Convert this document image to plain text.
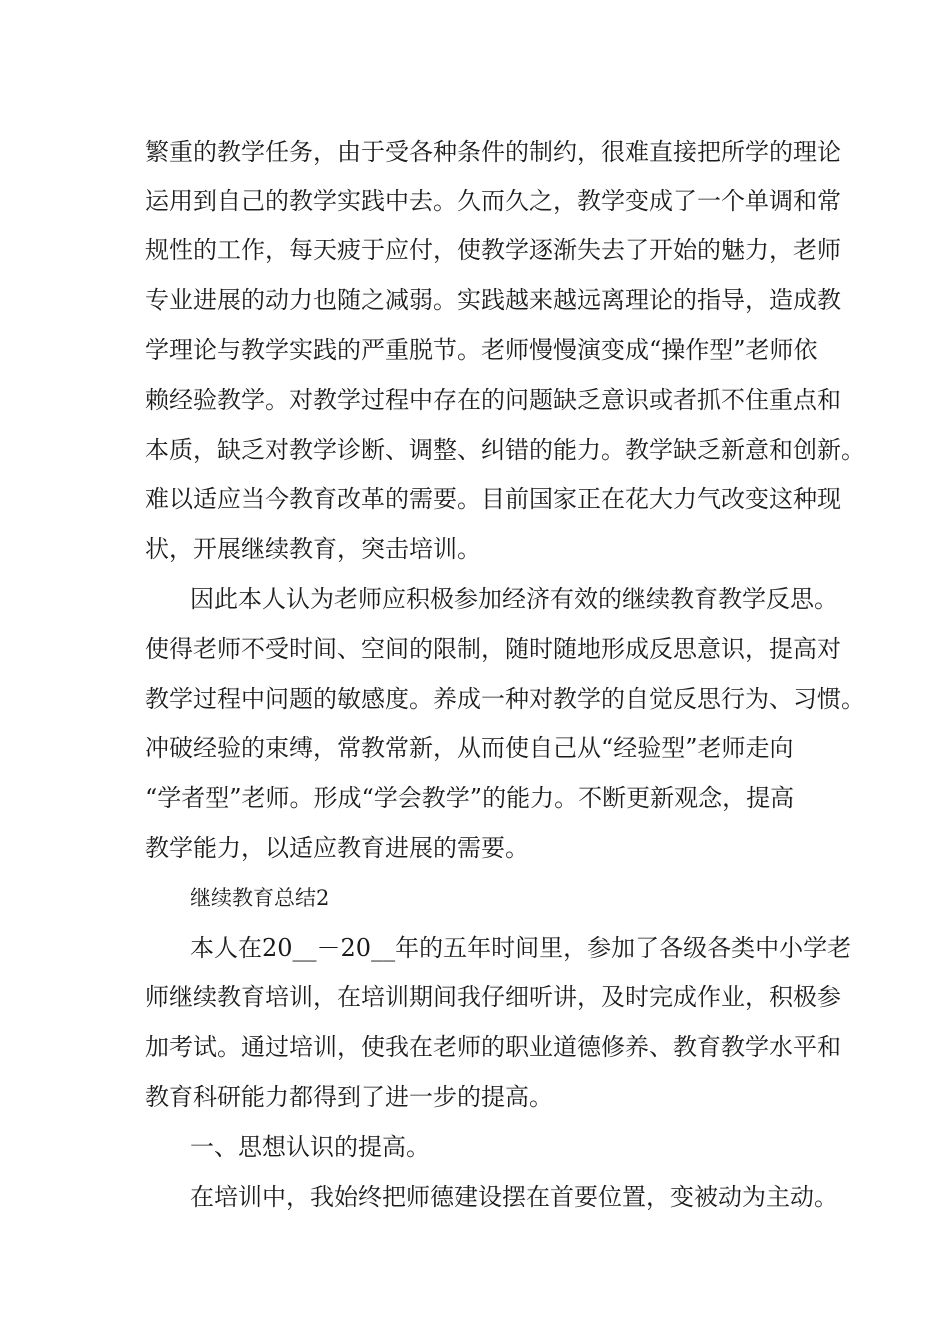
繁重的教学任务，由于受各种条件的制约，很难直接把所学的理论
运用到自己的教学实践中去。久而久之，教学变成了一个单调和常
规性的工作，每天疲于应付，使教学逐渐失去了开始的魅力，老师
专业进展的动力也随之减弱。实践越来越远离理论的指导，造成教
学理论与教学实践的严重脱节。老师慢慢演变成“操作型”老师依
赖经验教学。对教学过程中存在的问题缺乏意识或者抓不住重点和
本质，缺乏对教学诊断、调整、纠错的能力。教学缺乏新意和创新。
难以适应当今教育改革的需要。目前国家正在花大力气改变这种现
状，开展继续教育，突击培训。
因此本人认为老师应积极参加经济有效的继续教育教学反思。
使得老师不受时间、空间的限制，随时随地形成反思意识，提高对
教学过程中问题的敏感度。养成一种对教学的自觉反思行为、习惯。
冲破经验的束缚，常教常新，从而使自己从“经验型”老师走向
“学者型”老师。形成“学会教学”的能力。不断更新观念，提高
教学能力，以适应教育进展的需要。
继续教育总结2
本人在20__－20__年的五年时间里，参加了各级各类中小学老
师继续教育培训，在培训期间我仔细听讲，及时完成作业，积极参
加考试。通过培训，使我在老师的职业道德修养、教育教学水平和
教育科研能力都得到了进一步的提高。
一、思想认识的提高。
在培训中，我始终把师德建设摆在首要位置，变被动为主动。
